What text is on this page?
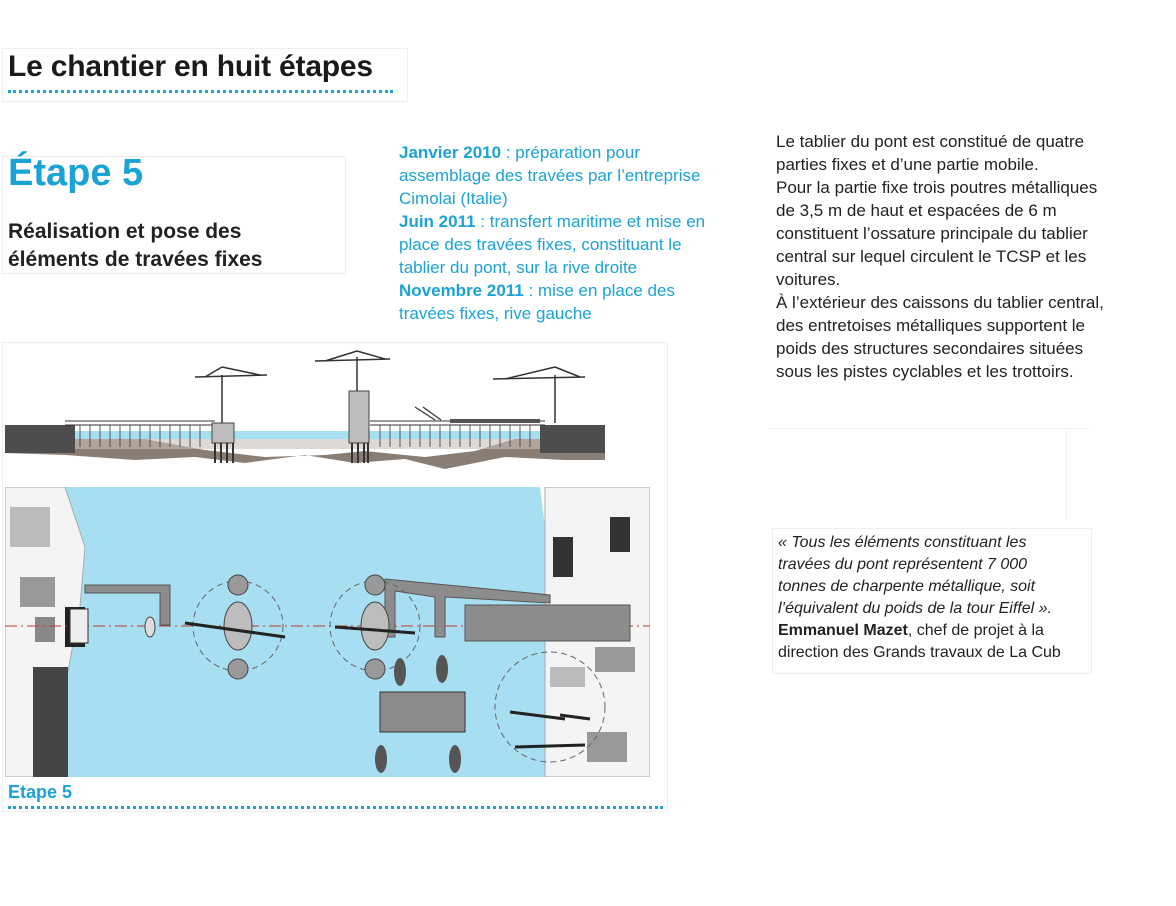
Le chantier en huit étapes
Étape 5
Réalisation et pose des
éléments de travées fixes
Janvier 2010 : préparation pour assemblage des travées par l’entreprise Cimolai (Italie)
Juin 2011 : transfert maritime et mise en place des travées fixes, constituant le tablier du pont, sur la rive droite
Novembre 2011 : mise en place des travées fixes, rive gauche
Le tablier du pont est constitué de quatre parties fixes et d’une partie mobile.
Pour la partie fixe trois poutres métalliques de 3,5 m de haut et espacées de 6 m constituent l’ossature principale du tablier central sur lequel circulent le TCSP et les voitures.
À l’extérieur des caissons du tablier central, des entretoises métalliques supportent le poids des structures secondaires situées sous les pistes cyclables et les trottoirs.
« Tous les éléments constituant les travées du pont représentent 7 000 tonnes de charpente métallique, soit l’équivalent du poids de la tour Eiffel ».
Emmanuel Mazet, chef de projet à la direction des Grands travaux de La Cub
Etape 5
